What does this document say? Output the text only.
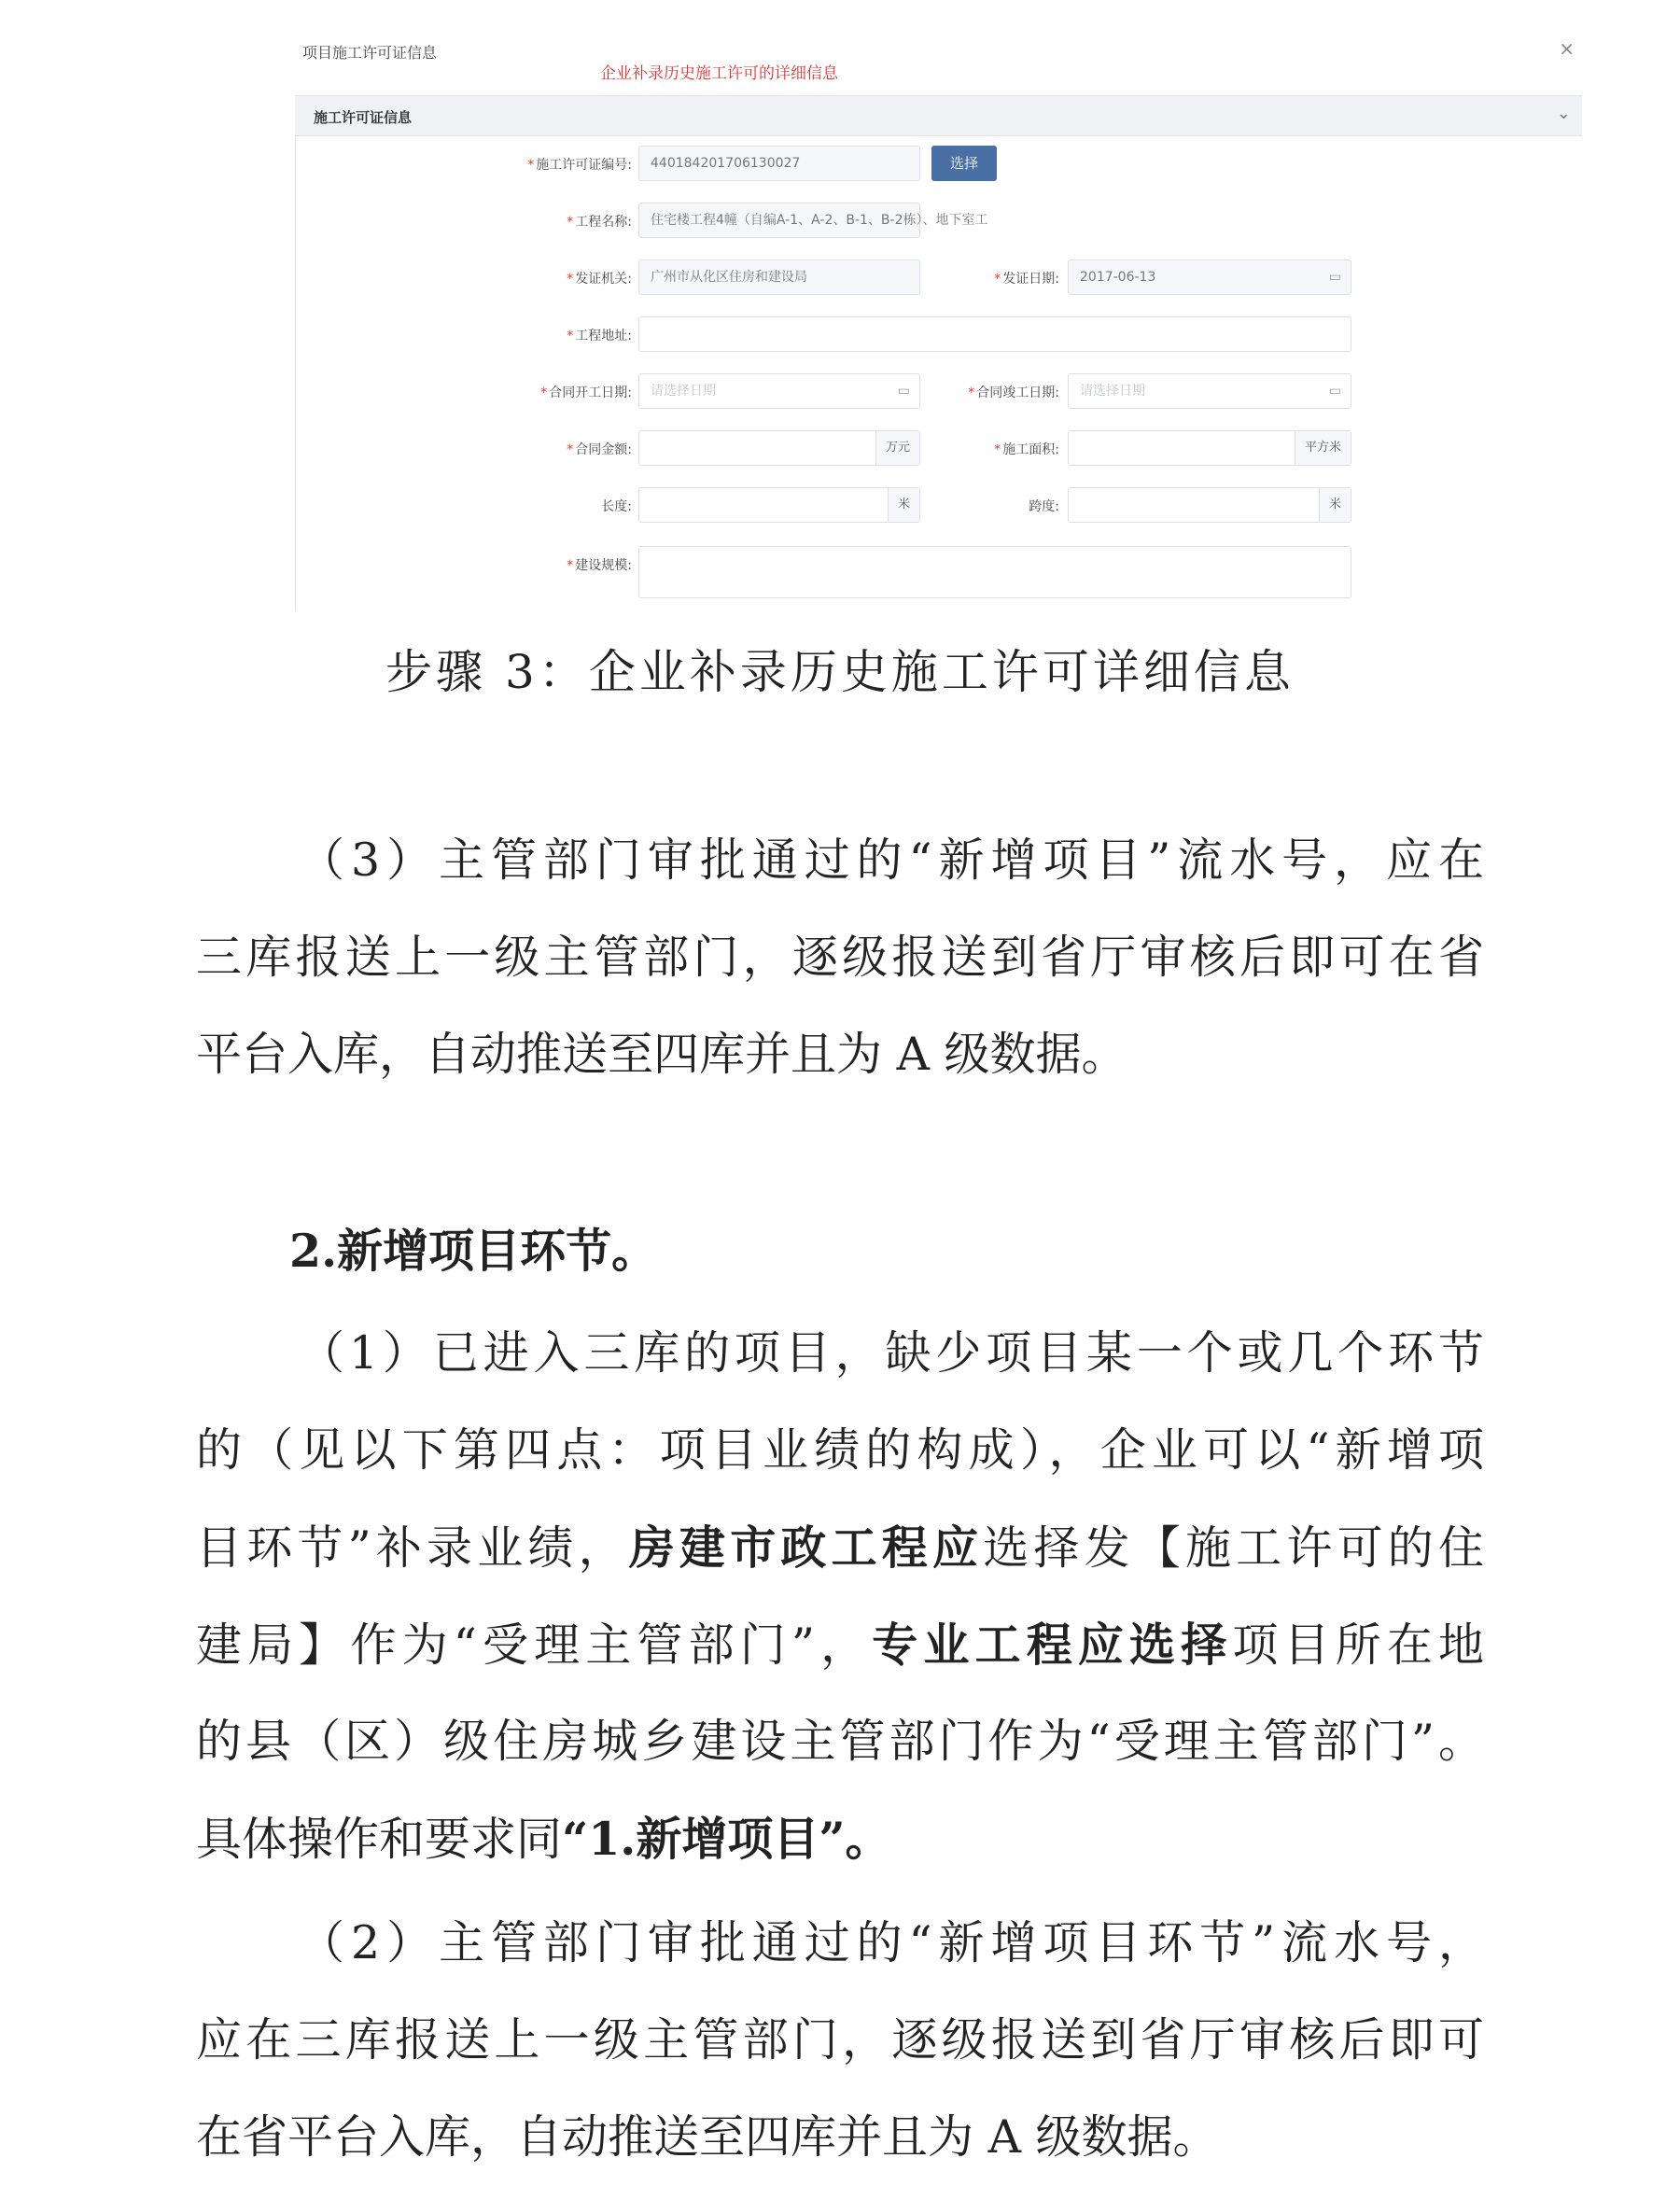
项目施工许可证信息	×
企业补录历史施工许可的详细信息
施工许可证信息	⌄
* 施工许可证编号:	440184201706130027	选择
* 工程名称:	住宅楼工程4幢（自编A-1、A-2、B-1、B-2栋）、地下室工
* 发证机关:	广州市从化区住房和建设局	* 发证日期:	2017-06-13	▭
* 工程地址:
* 合同开工日期:	请选择日期	▭	* 合同竣工日期:	请选择日期	▭
* 合同金额:	万元	* 施工面积:	平方米
长度:	米	跨度:	米
* 建设规模:
步骤 3：企业补录历史施工许可详细信息
（3）主管部门审批通过的“新增项目”流水号，应在
三库报送上一级主管部门，逐级报送到省厅审核后即可在省
平台入库，自动推送至四库并且为 A 级数据。
2.新增项目环节。
（1）已进入三库的项目，缺少项目某一个或几个环节
的（见以下第四点：项目业绩的构成），企业可以“新增项
目环节”补录业绩，房建市政工程应选择发【施工许可的住
建局】作为“受理主管部门”，专业工程应选择项目所在地
的县（区）级住房城乡建设主管部门作为“受理主管部门”。
具体操作和要求同“1.新增项目”。
（2）主管部门审批通过的“新增项目环节”流水号，
应在三库报送上一级主管部门，逐级报送到省厅审核后即可
在省平台入库，自动推送至四库并且为 A 级数据。
